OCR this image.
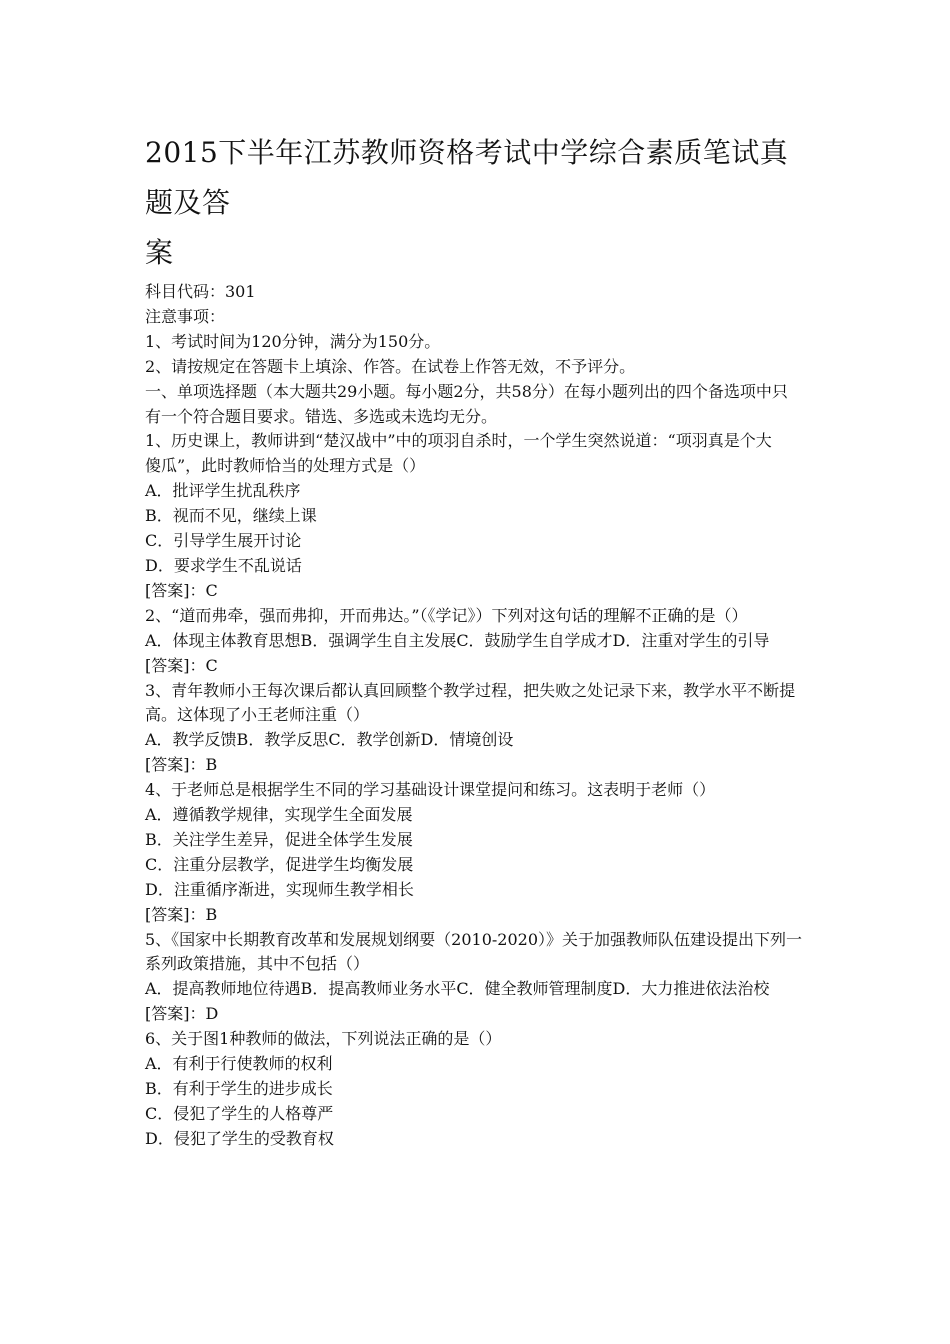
2015下半年江苏教师资格考试中学综合素质笔试真题及答
案

科目代码：301

注意事项：

1、考试时间为120分钟，满分为150分。

2、请按规定在答题卡上填涂、作答。在试卷上作答无效，不予评分。

一、单项选择题（本大题共29小题。每小题2分，共58分）在每小题列出的四个备选项中只

有一个符合题目要求。错选、多选或未选均无分。

1、历史课上，教师讲到“楚汉战中”中的项羽自杀时，一个学生突然说道：“项羽真是个大

傻瓜”，此时教师恰当的处理方式是（）

A．批评学生扰乱秩序

B．视而不见，继续上课

C．引导学生展开讨论

D．要求学生不乱说话

[答案]：C

2、“道而弗牵，强而弗抑，开而弗达。”（《学记》）下列对这句话的理解不正确的是（）

A．体现主体教育思想B．强调学生自主发展C．鼓励学生自学成才D．注重对学生的引导

[答案]：C

3、青年教师小王每次课后都认真回顾整个教学过程，把失败之处记录下来，教学水平不断提

高。这体现了小王老师注重（）

A．教学反馈B．教学反思C．教学创新D．情境创设

[答案]：B

4、于老师总是根据学生不同的学习基础设计课堂提问和练习。这表明于老师（）

A．遵循教学规律，实现学生全面发展

B．关注学生差异，促进全体学生发展

C．注重分层教学，促进学生均衡发展

D．注重循序渐进，实现师生教学相长

[答案]：B

5、《国家中长期教育改革和发展规划纲要（2010-2020）》关于加强教师队伍建设提出下列一

系列政策措施，其中不包括（）

A．提高教师地位待遇B．提高教师业务水平C．健全教师管理制度D．大力推进依法治校

[答案]：D

6、关于图1种教师的做法，下列说法正确的是（）

A．有利于行使教师的权利

B．有利于学生的进步成长

C．侵犯了学生的人格尊严

D．侵犯了学生的受教育权
